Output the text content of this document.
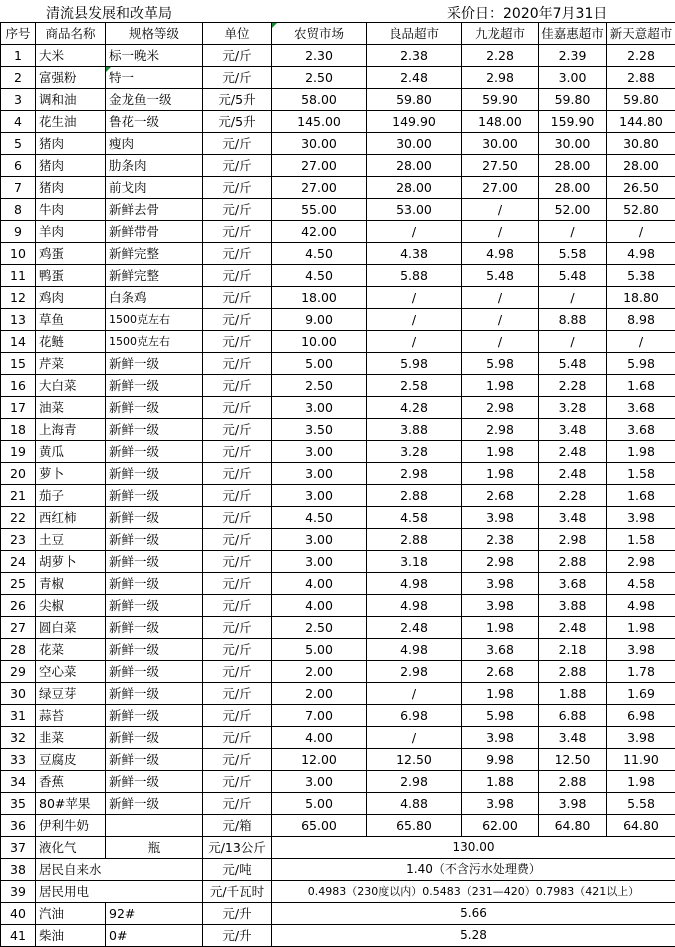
清流县发展和改革局	采价日：2020年7月31日
序号	商品名称	规格等级	单位	农贸市场	良品超市	九龙超市	佳嘉惠超市	新天意超市
1	大米	标一晚米	元/斤	2.30	2.38	2.28	2.39	2.28
2	富强粉	特一	元/斤	2.50	2.48	2.98	3.00	2.88
3	调和油	金龙鱼一级	元/5升	58.00	59.80	59.90	59.80	59.80
4	花生油	鲁花一级	元/5升	145.00	149.90	148.00	159.90	144.80
5	猪肉	瘦肉	元/斤	30.00	30.00	30.00	30.00	30.80
6	猪肉	肋条肉	元/斤	27.00	28.00	27.50	28.00	28.00
7	猪肉	前戈肉	元/斤	27.00	28.00	27.00	28.00	26.50
8	牛肉	新鲜去骨	元/斤	55.00	53.00	/	52.00	52.80
9	羊肉	新鲜带骨	元/斤	42.00	/	/	/	/
10	鸡蛋	新鲜完整	元/斤	4.50	4.38	4.98	5.58	4.98
11	鸭蛋	新鲜完整	元/斤	4.50	5.88	5.48	5.48	5.38
12	鸡肉	白条鸡	元/斤	18.00	/	/	/	18.80
13	草鱼	1500克左右	元/斤	9.00	/	/	8.88	8.98
14	花鲢	1500克左右	元/斤	10.00	/	/	/	/
15	芹菜	新鲜一级	元/斤	5.00	5.98	5.98	5.48	5.98
16	大白菜	新鲜一级	元/斤	2.50	2.58	1.98	2.28	1.68
17	油菜	新鲜一级	元/斤	3.00	4.28	2.98	3.28	3.68
18	上海青	新鲜一级	元/斤	3.50	3.88	2.98	3.48	3.68
19	黄瓜	新鲜一级	元/斤	3.00	3.28	1.98	2.48	1.98
20	萝卜	新鲜一级	元/斤	3.00	2.98	1.98	2.48	1.58
21	茄子	新鲜一级	元/斤	3.00	2.88	2.68	2.28	1.68
22	西红柿	新鲜一级	元/斤	4.50	4.58	3.98	3.48	3.98
23	土豆	新鲜一级	元/斤	3.00	2.88	2.38	2.98	1.58
24	胡萝卜	新鲜一级	元/斤	3.00	3.18	2.98	2.88	2.98
25	青椒	新鲜一级	元/斤	4.00	4.98	3.98	3.68	4.58
26	尖椒	新鲜一级	元/斤	4.00	4.98	3.98	3.88	4.98
27	圆白菜	新鲜一级	元/斤	2.50	2.48	1.98	2.48	1.98
28	花菜	新鲜一级	元/斤	5.00	4.98	3.68	2.18	3.98
29	空心菜	新鲜一级	元/斤	2.00	2.98	2.68	2.88	1.78
30	绿豆芽	新鲜一级	元/斤	2.00	/	1.98	1.88	1.69
31	蒜苔	新鲜一级	元/斤	7.00	6.98	5.98	6.88	6.98
32	韭菜	新鲜一级	元/斤	4.00	/	3.98	3.48	3.98
33	豆腐皮	新鲜一级	元/斤	12.00	12.50	9.98	12.50	11.90
34	香蕉	新鲜一级	元/斤	3.00	2.98	1.88	2.88	1.98
35	80#苹果	新鲜一级	元/斤	5.00	4.88	3.98	3.98	5.58
36	伊利牛奶		元/箱	65.00	65.80	62.00	64.80	64.80
37	液化气	瓶	元/13公斤	130.00				
38	居民自来水		元/吨	1.40（不含污水处理费）				
39	居民用电		元/千瓦时	0.4983（230度以内）0.5483（231—420）0.7983（421以上）				
40	汽油	92#	元/升	5.66				
41	柴油	0#	元/升	5.28				
